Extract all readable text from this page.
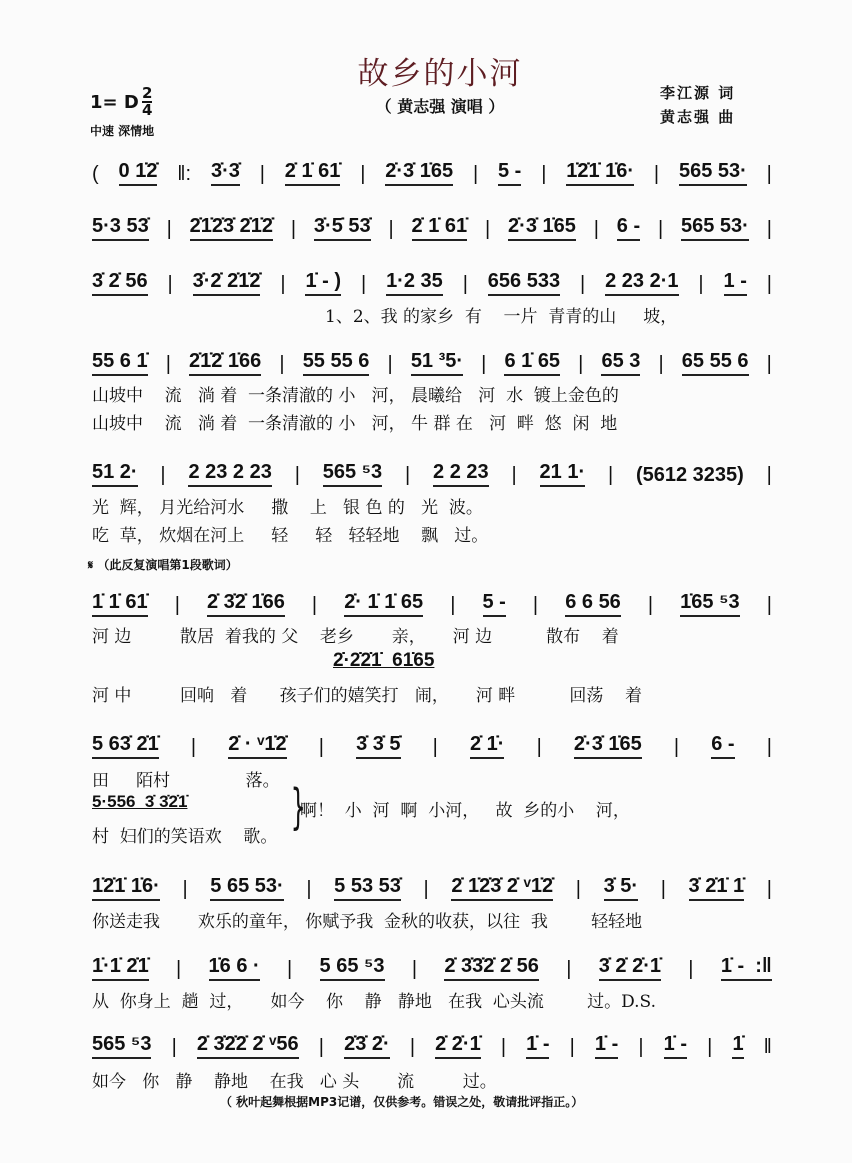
故乡的小河
（ 黄志强 演唱 ）
李江源 词
黄志强 曲
1= D 2
4
中速 深情地
( 0 1̇2̇ ‖: 3̇·3̇ | 2̇ 1̇ 61̇ | 2̇·3̇ 1̇65 | 5 - | 1̇2̇1̇ 1̇6· | 565 53· |
5·3 53̇ | 2̇1̇2̇3̇ 2̇1̇2̇ | 3̇·5̇ 53̇ | 2̇ 1̇ 61̇ | 2̇·3̇ 1̇65 | 6 - | 565 53· |
3̇ 2̇ 56 | 3̇·2̇ 2̇1̇2̇ | 1̇ - ) | 1·2 35 | 656 533 | 2 23 2·1 | 1 - |
55 6 1̇ | 2̇1̇2̇ 1̇66 | 55 55 6 | 51 ³5· | 6 1̇ 65 | 65 3 | 65 55 6 |
51 2· | 2 23 2 23 | 565 ⁵3 | 2 2 23 | 21 1· | (5612 3235) |
1̇ 1̇ 61̇ | 2̇ 3̇2̇ 1̇66 | 2̇· 1̇ 1̇ 65 | 5 - | 6 6 56 | 1̇65 ⁵3 |
5 63̇ 2̇1̇ | 2̇ · ᵛ1̇2̇ | 3̇ 3̇ 5̇ | 2̇ 1̇· | 2̇·3̇ 1̇65 | 6 - |
1̇2̇1̇ 1̇6· | 5 65 53· | 5 53 53̇ | 2̇ 1̇2̇3̇ 2̇ ᵛ1̇2̇ | 3̇ 5· | 3̇ 2̇1̇ 1̇ |
1̇·1̇ 2̇1̇ | 1̇6 6 · | 5 65 ⁵3 | 2̇ 3̇3̇2̇ 2̇ 56 | 3̇ 2̇ 2̇·1̇ | 1̇ -  :‖
565 ⁵3 | 2̇ 3̇2̇2̇ 2̇ ᵛ56 | 2̇3̇ 2̇· | 2̇ 2̇·1̇ | 1̇ - | 1̇ - | 1̇ - | 1̇ ‖
1、2、我 的家乡  有    一片  青青的山     坡，
山坡中    流   淌 着  一条清澈的 小   河， 晨曦给   河  水  镀上金色的
山坡中    流   淌 着  一条清澈的 小   河， 牛 群 在   河  畔  悠  闲  地
光  辉， 月光给河水     撒    上   银 色 的   光  波。
吃  草， 炊烟在河上     轻     轻   轻轻地    飘   过。
𝄋 （此反复演唱第1段歌词）
河 边         散居  着我的 父    老乡       亲，     河 边          散布    着
2̇·2̇2̇1̇  61̇65
河 中         回响   着      孩子们的嬉笑打   闹，     河 畔          回荡    着
田     陌村              落。
5·556  3̇ 3̇2̇1̇ }
啊！  小  河  啊  小河，   故  乡的小    河，
村  妇们的笑语欢    歌。
你送走我       欢乐的童年， 你赋予我  金秋的收获，以往  我        轻轻地
从  你身上  趟  过，     如今    你    静   静地   在我  心头流        过。D.S.
如今   你   静    静地    在我   心 头       流         过。
（ 秋叶起舞根据MP3记谱，仅供参考。错误之处，敬请批评指正。）
